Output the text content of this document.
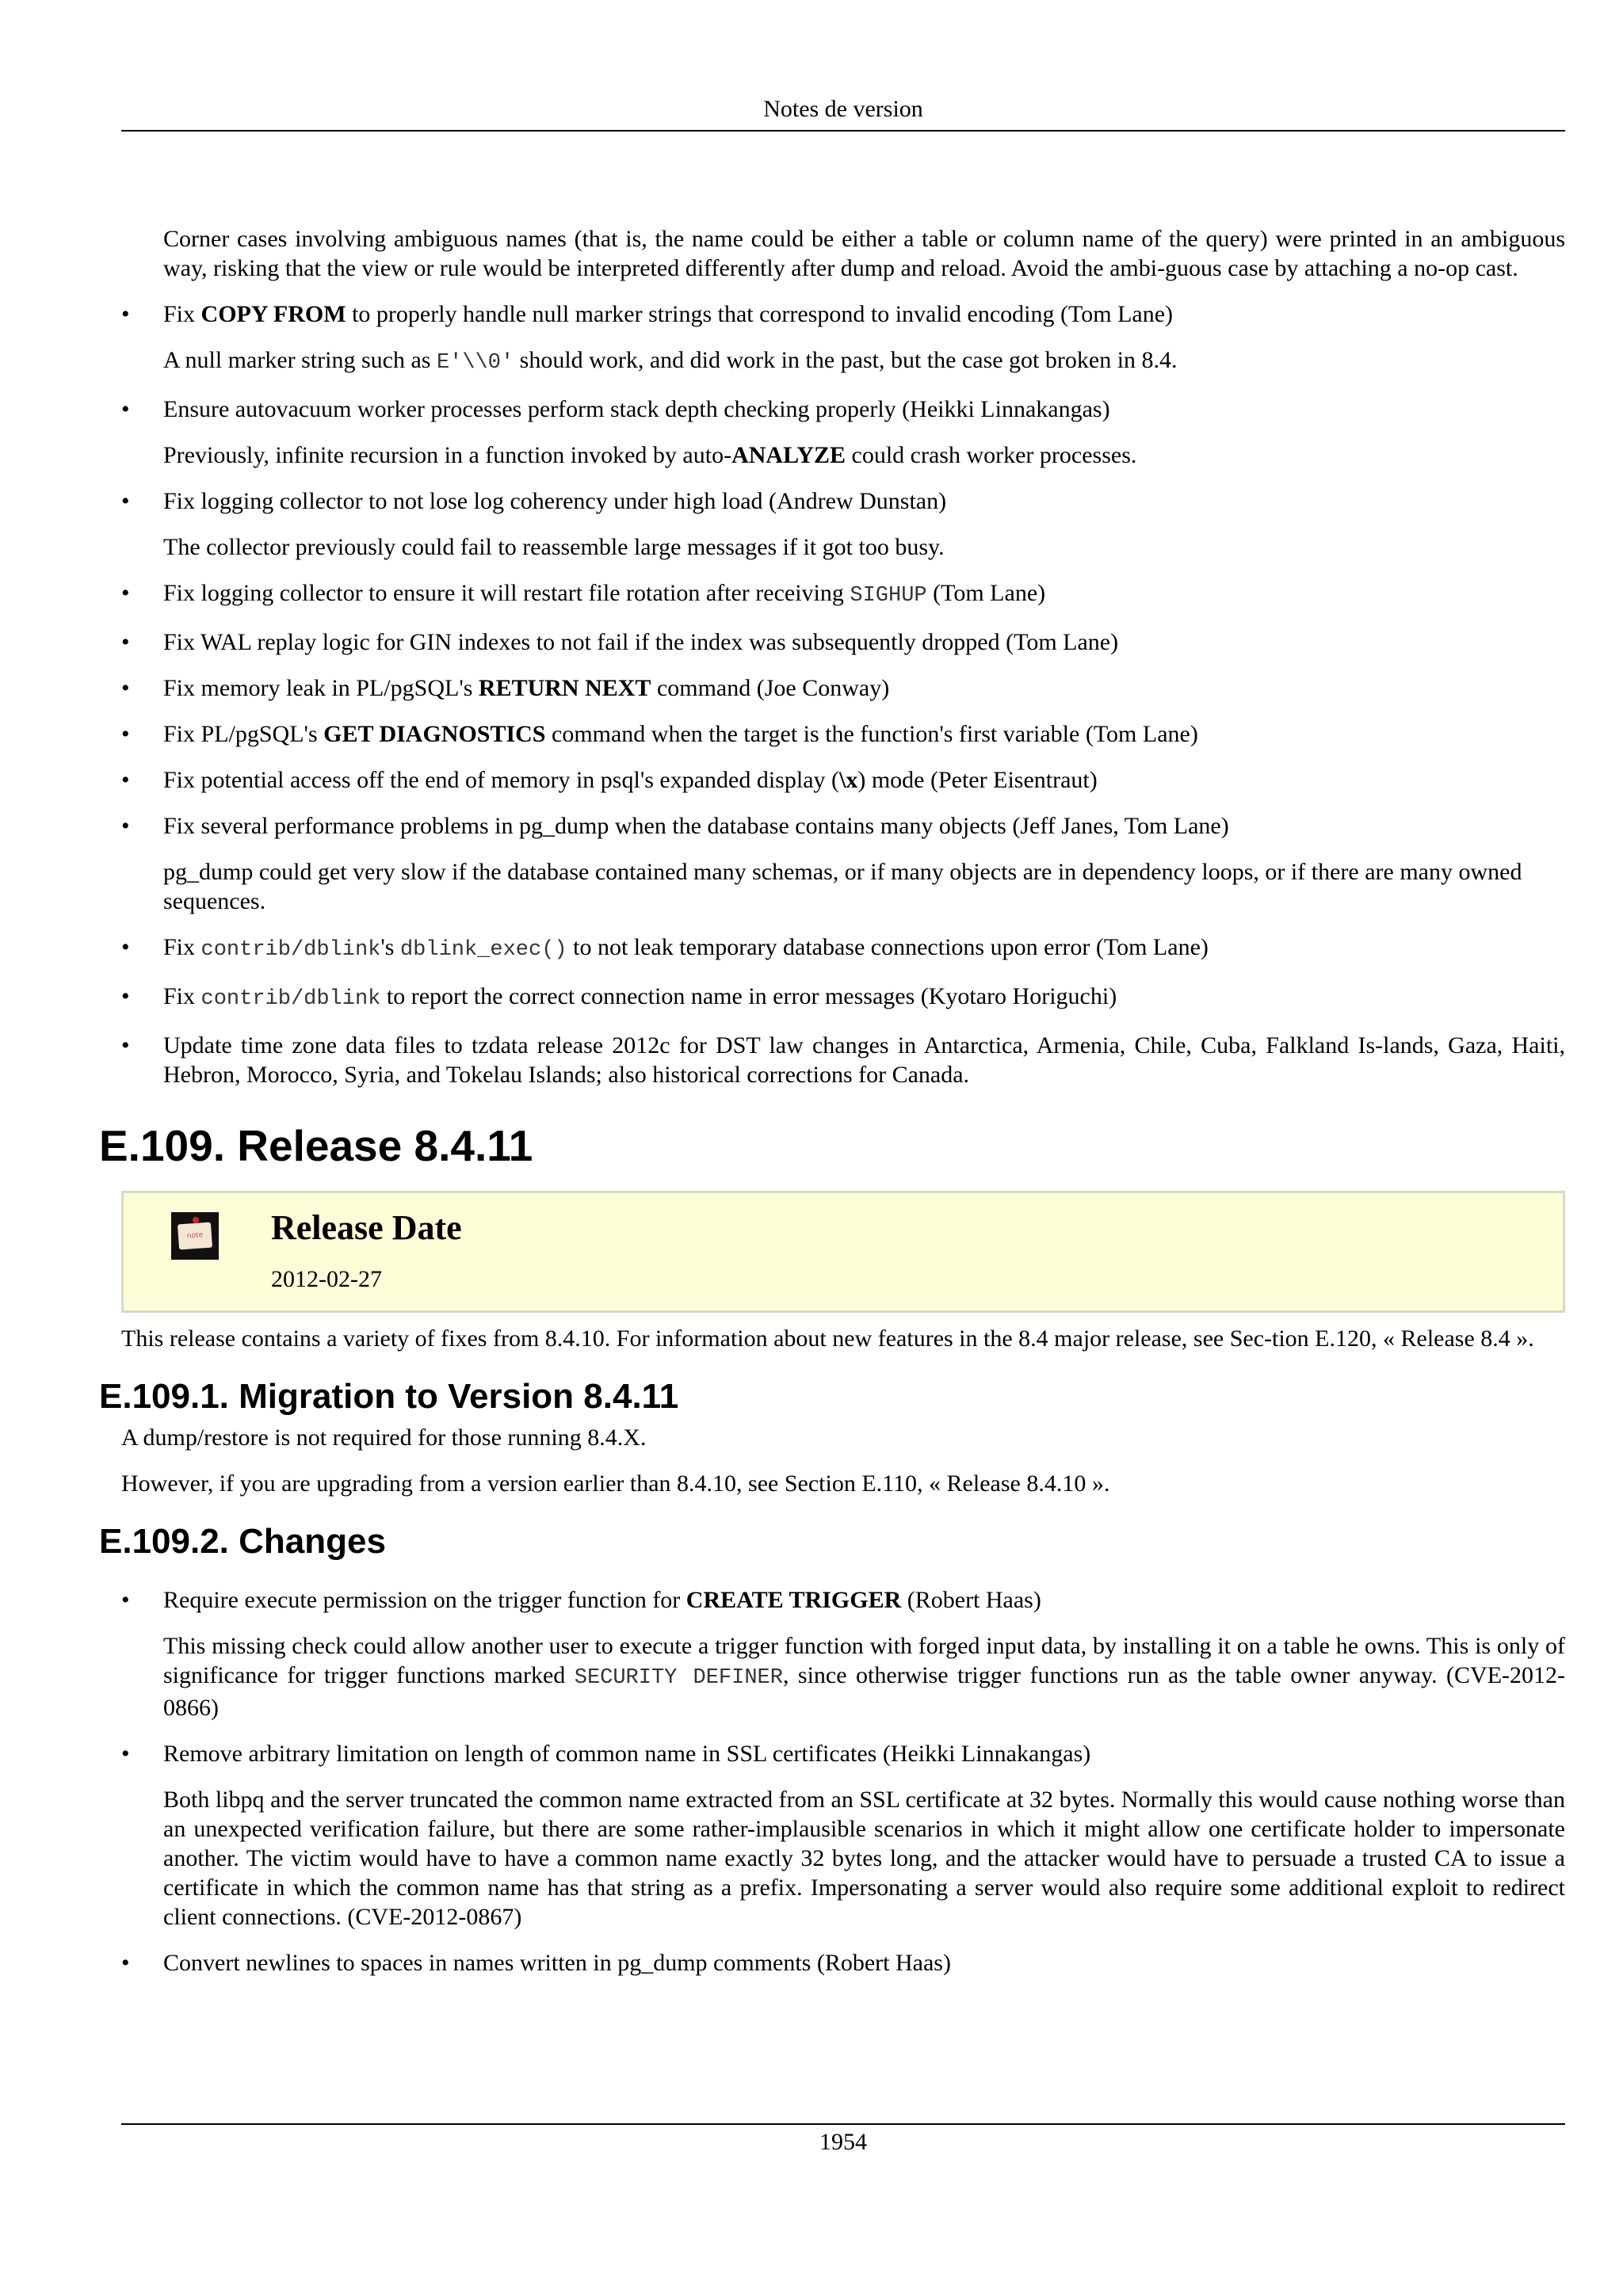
Notes de version

Corner cases involving ambiguous names (that is, the name could be either a table or column name of the query) were printed in an ambiguous way, risking that the view or rule would be interpreted differently after dump and reload. Avoid the ambi-guous case by attaching a no-op cast.

• Fix COPY FROM to properly handle null marker strings that correspond to invalid encoding (Tom Lane)

A null marker string such as E'\\0' should work, and did work in the past, but the case got broken in 8.4.

• Ensure autovacuum worker processes perform stack depth checking properly (Heikki Linnakangas)

Previously, infinite recursion in a function invoked by auto-ANALYZE could crash worker processes.

• Fix logging collector to not lose log coherency under high load (Andrew Dunstan)

The collector previously could fail to reassemble large messages if it got too busy.

• Fix logging collector to ensure it will restart file rotation after receiving SIGHUP (Tom Lane)

• Fix WAL replay logic for GIN indexes to not fail if the index was subsequently dropped (Tom Lane)

• Fix memory leak in PL/pgSQL's RETURN NEXT command (Joe Conway)

• Fix PL/pgSQL's GET DIAGNOSTICS command when the target is the function's first variable (Tom Lane)

• Fix potential access off the end of memory in psql's expanded display (\x) mode (Peter Eisentraut)

• Fix several performance problems in pg_dump when the database contains many objects (Jeff Janes, Tom Lane)

pg_dump could get very slow if the database contained many schemas, or if many objects are in dependency loops, or if there are many owned sequences.

• Fix contrib/dblink's dblink_exec() to not leak temporary database connections upon error (Tom Lane)

• Fix contrib/dblink to report the correct connection name in error messages (Kyotaro Horiguchi)

• Update time zone data files to tzdata release 2012c for DST law changes in Antarctica, Armenia, Chile, Cuba, Falkland Is-lands, Gaza, Haiti, Hebron, Morocco, Syria, and Tokelau Islands; also historical corrections for Canada.

E.109. Release 8.4.11
note Release Date
2012-02-27

This release contains a variety of fixes from 8.4.10. For information about new features in the 8.4 major release, see Sec-tion E.120, « Release 8.4 ».

E.109.1. Migration to Version 8.4.11

A dump/restore is not required for those running 8.4.X.

However, if you are upgrading from a version earlier than 8.4.10, see Section E.110, « Release 8.4.10 ».

E.109.2. Changes

• Require execute permission on the trigger function for CREATE TRIGGER (Robert Haas)

This missing check could allow another user to execute a trigger function with forged input data, by installing it on a table he owns. This is only of significance for trigger functions marked SECURITY DEFINER, since otherwise trigger functions run as the table owner anyway. (CVE-2012-0866)

• Remove arbitrary limitation on length of common name in SSL certificates (Heikki Linnakangas)

Both libpq and the server truncated the common name extracted from an SSL certificate at 32 bytes. Normally this would cause nothing worse than an unexpected verification failure, but there are some rather-implausible scenarios in which it might allow one certificate holder to impersonate another. The victim would have to have a common name exactly 32 bytes long, and the attacker would have to persuade a trusted CA to issue a certificate in which the common name has that string as a prefix. Impersonating a server would also require some additional exploit to redirect client connections. (CVE-2012-0867)

• Convert newlines to spaces in names written in pg_dump comments (Robert Haas)

1954
